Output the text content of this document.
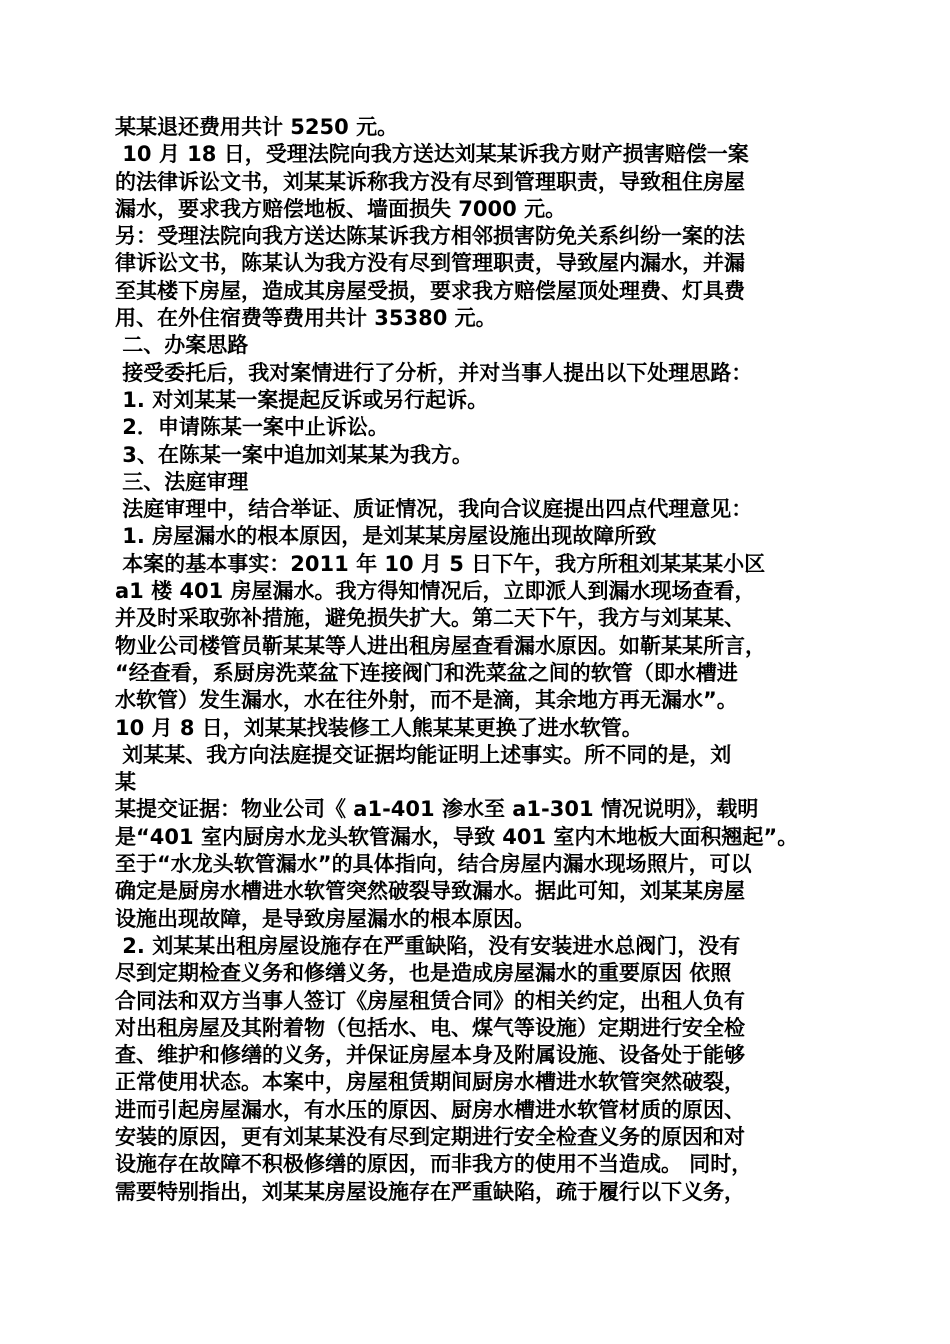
某某退还费用共计 5250 元。
10 月 18 日，受理法院向我方送达刘某某诉我方财产损害赔偿一案
的法律诉讼文书，刘某某诉称我方没有尽到管理职责，导致租住房屋
漏水，要求我方赔偿地板、墙面损失 7000 元。
另：受理法院向我方送达陈某诉我方相邻损害防免关系纠纷一案的法
律诉讼文书，陈某认为我方没有尽到管理职责，导致屋内漏水，并漏
至其楼下房屋，造成其房屋受损，要求我方赔偿屋顶处理费、灯具费
用、在外住宿费等费用共计 35380 元。
二、办案思路
接受委托后，我对案情进行了分析，并对当事人提出以下处理思路：
1. 对刘某某一案提起反诉或另行起诉。
2．申请陈某一案中止诉讼。
3、在陈某一案中追加刘某某为我方。
三、法庭审理
法庭审理中，结合举证、质证情况，我向合议庭提出四点代理意见：
1. 房屋漏水的根本原因，是刘某某房屋设施出现故障所致
本案的基本事实：2011 年 10 月 5 日下午，我方所租刘某某某小区
a1 楼 401 房屋漏水。我方得知情况后，立即派人到漏水现场查看，
并及时采取弥补措施，避免损失扩大。第二天下午，我方与刘某某、
物业公司楼管员靳某某等人进出租房屋查看漏水原因。如靳某某所言，
“经查看，系厨房洗菜盆下连接阀门和洗菜盆之间的软管（即水槽进
水软管）发生漏水，水在往外射，而不是滴，其余地方再无漏水”。
10 月 8 日，刘某某找装修工人熊某某更换了进水软管。
刘某某、我方向法庭提交证据均能证明上述事实。所不同的是，刘
某
某提交证据：物业公司《 a1-401 渗水至 a1-301 情况说明》，载明
是“401 室内厨房水龙头软管漏水，导致 401 室内木地板大面积翘起”。
至于“水龙头软管漏水”的具体指向，结合房屋内漏水现场照片，可以
确定是厨房水槽进水软管突然破裂导致漏水。据此可知，刘某某房屋
设施出现故障，是导致房屋漏水的根本原因。
2. 刘某某出租房屋设施存在严重缺陷，没有安装进水总阀门，没有
尽到定期检查义务和修缮义务，也是造成房屋漏水的重要原因 依照
合同法和双方当事人签订《房屋租赁合同》的相关约定，出租人负有
对出租房屋及其附着物（包括水、电、煤气等设施）定期进行安全检
查、维护和修缮的义务，并保证房屋本身及附属设施、设备处于能够
正常使用状态。本案中，房屋租赁期间厨房水槽进水软管突然破裂，
进而引起房屋漏水，有水压的原因、厨房水槽进水软管材质的原因、
安装的原因，更有刘某某没有尽到定期进行安全检查义务的原因和对
设施存在故障不积极修缮的原因，而非我方的使用不当造成。 同时，
需要特别指出，刘某某房屋设施存在严重缺陷，疏于履行以下义务，
